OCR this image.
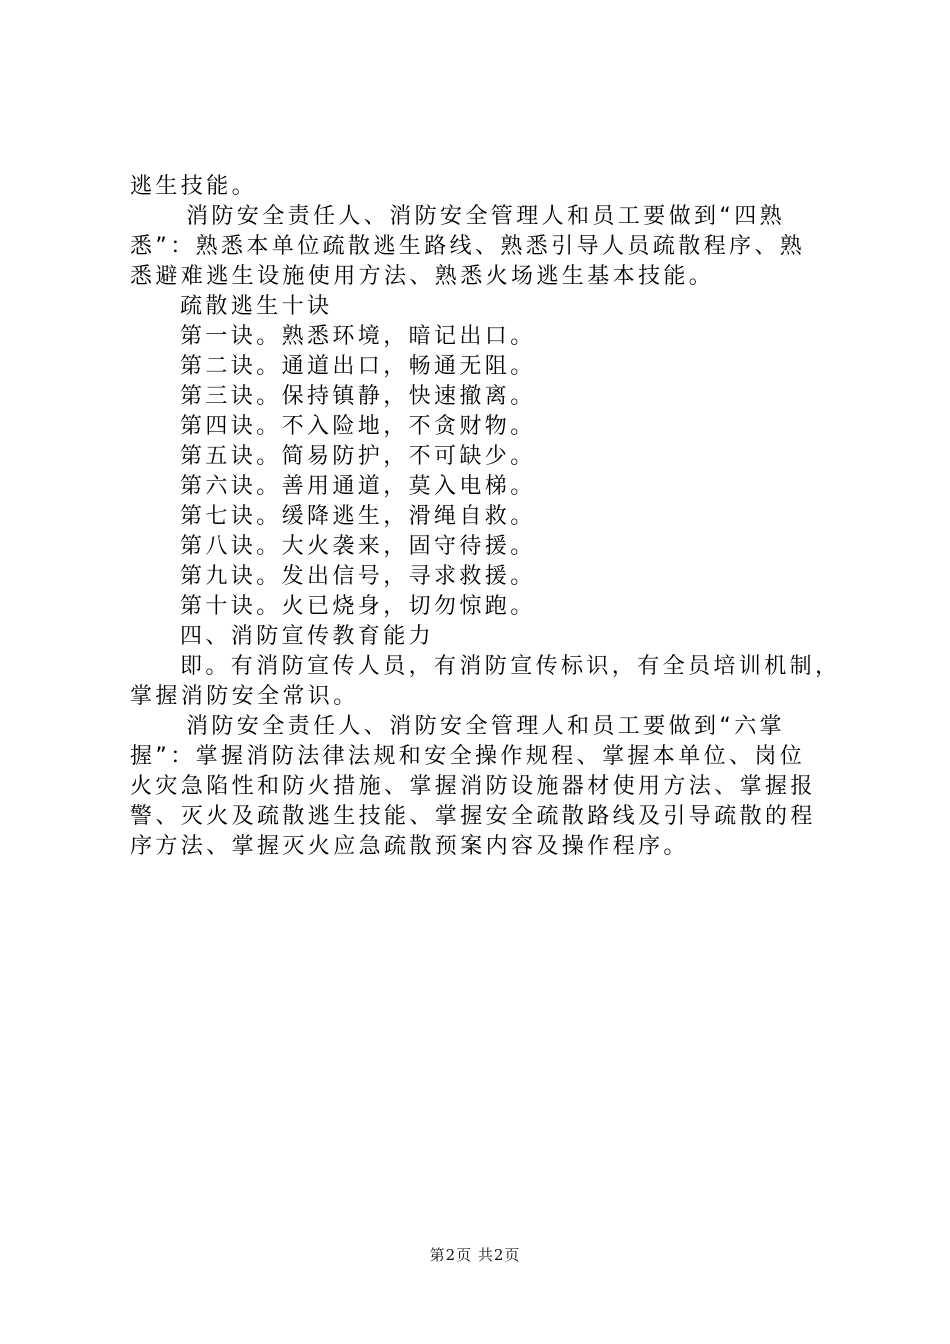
逃生技能。
消防安全责任人、消防安全管理人和员工要做到“四熟
悉”：熟悉本单位疏散逃生路线、熟悉引导人员疏散程序、熟
悉避难逃生设施使用方法、熟悉火场逃生基本技能。
疏散逃生十诀
第一诀。熟悉环境，暗记出口。
第二诀。通道出口，畅通无阻。
第三诀。保持镇静，快速撤离。
第四诀。不入险地，不贪财物。
第五诀。简易防护，不可缺少。
第六诀。善用通道，莫入电梯。
第七诀。缓降逃生，滑绳自救。
第八诀。大火袭来，固守待援。
第九诀。发出信号，寻求救援。
第十诀。火已烧身，切勿惊跑。
四、消防宣传教育能力
即。有消防宣传人员，有消防宣传标识，有全员培训机制，
掌握消防安全常识。
消防安全责任人、消防安全管理人和员工要做到“六掌
握”：掌握消防法律法规和安全操作规程、掌握本单位、岗位
火灾急陷性和防火措施、掌握消防设施器材使用方法、掌握报
警、灭火及疏散逃生技能、掌握安全疏散路线及引导疏散的程
序方法、掌握灭火应急疏散预案内容及操作程序。
第2页 共2页
